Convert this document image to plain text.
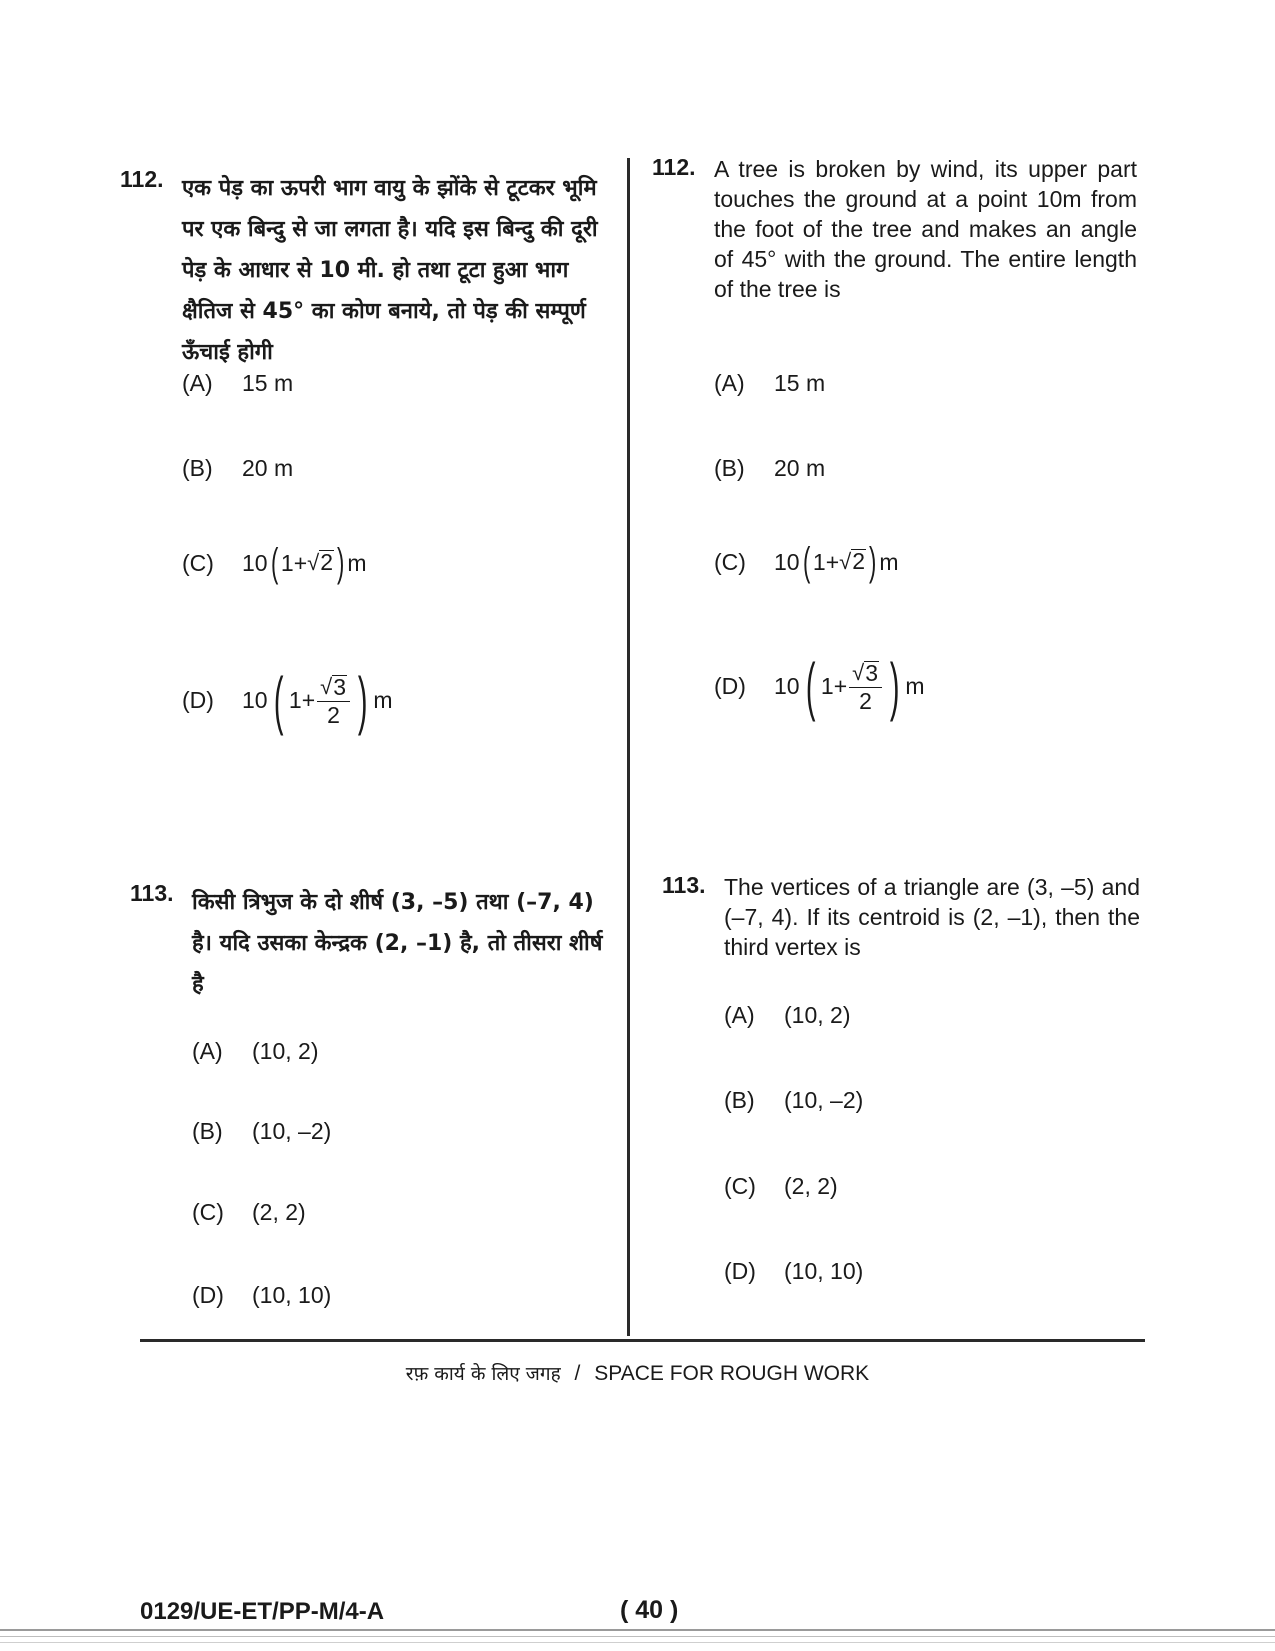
112. एक पेड़ का ऊपरी भाग वायु के झोंके से टूटकर भूमि पर एक बिन्दु से जा लगता है। यदि इस बिन्दु की दूरी पेड़ के आधार से 10 मी. हो तथा टूटा हुआ भाग क्षैतिज से 45° का कोण बनाये, तो पेड़ की सम्पूर्ण ऊँचाई होगी
(A)	15 m
(B)	20 m
(C)	10 ( 1+ √ 2 ) m
(D)	10 ( $1+ \frac{√ 3}{2}$ ) m
113. किसी त्रिभुज के दो शीर्ष (3, –5) तथा (–7, 4) है। यदि उसका केन्द्रक (2, –1) है, तो तीसरा शीर्ष है
(A)	(10, 2)
(B)	(10, –2)
(C)	(2, 2)
(D)	(10, 10)
112. A tree is broken by wind, its upper part touches the ground at a point 10m from the foot of the tree and makes an angle of 45° with the ground. The entire length of the tree is
(A)	15 m
(B)	20 m
(C)	10 ( 1+ √ 2 ) m
(D)	10 ( $1+ \frac{√ 3}{2}$ ) m
113. The vertices of a triangle are (3, –5) and (–7, 4). If its centroid is (2, –1), then the third vertex is
(A)	(10, 2)
(B)	(10, –2)
(C)	(2, 2)
(D)	(10, 10)
रफ़ कार्य के लिए जगह / SPACE FOR ROUGH WORK
0129/UE-ET/PP-M/4-A	( 40 )
